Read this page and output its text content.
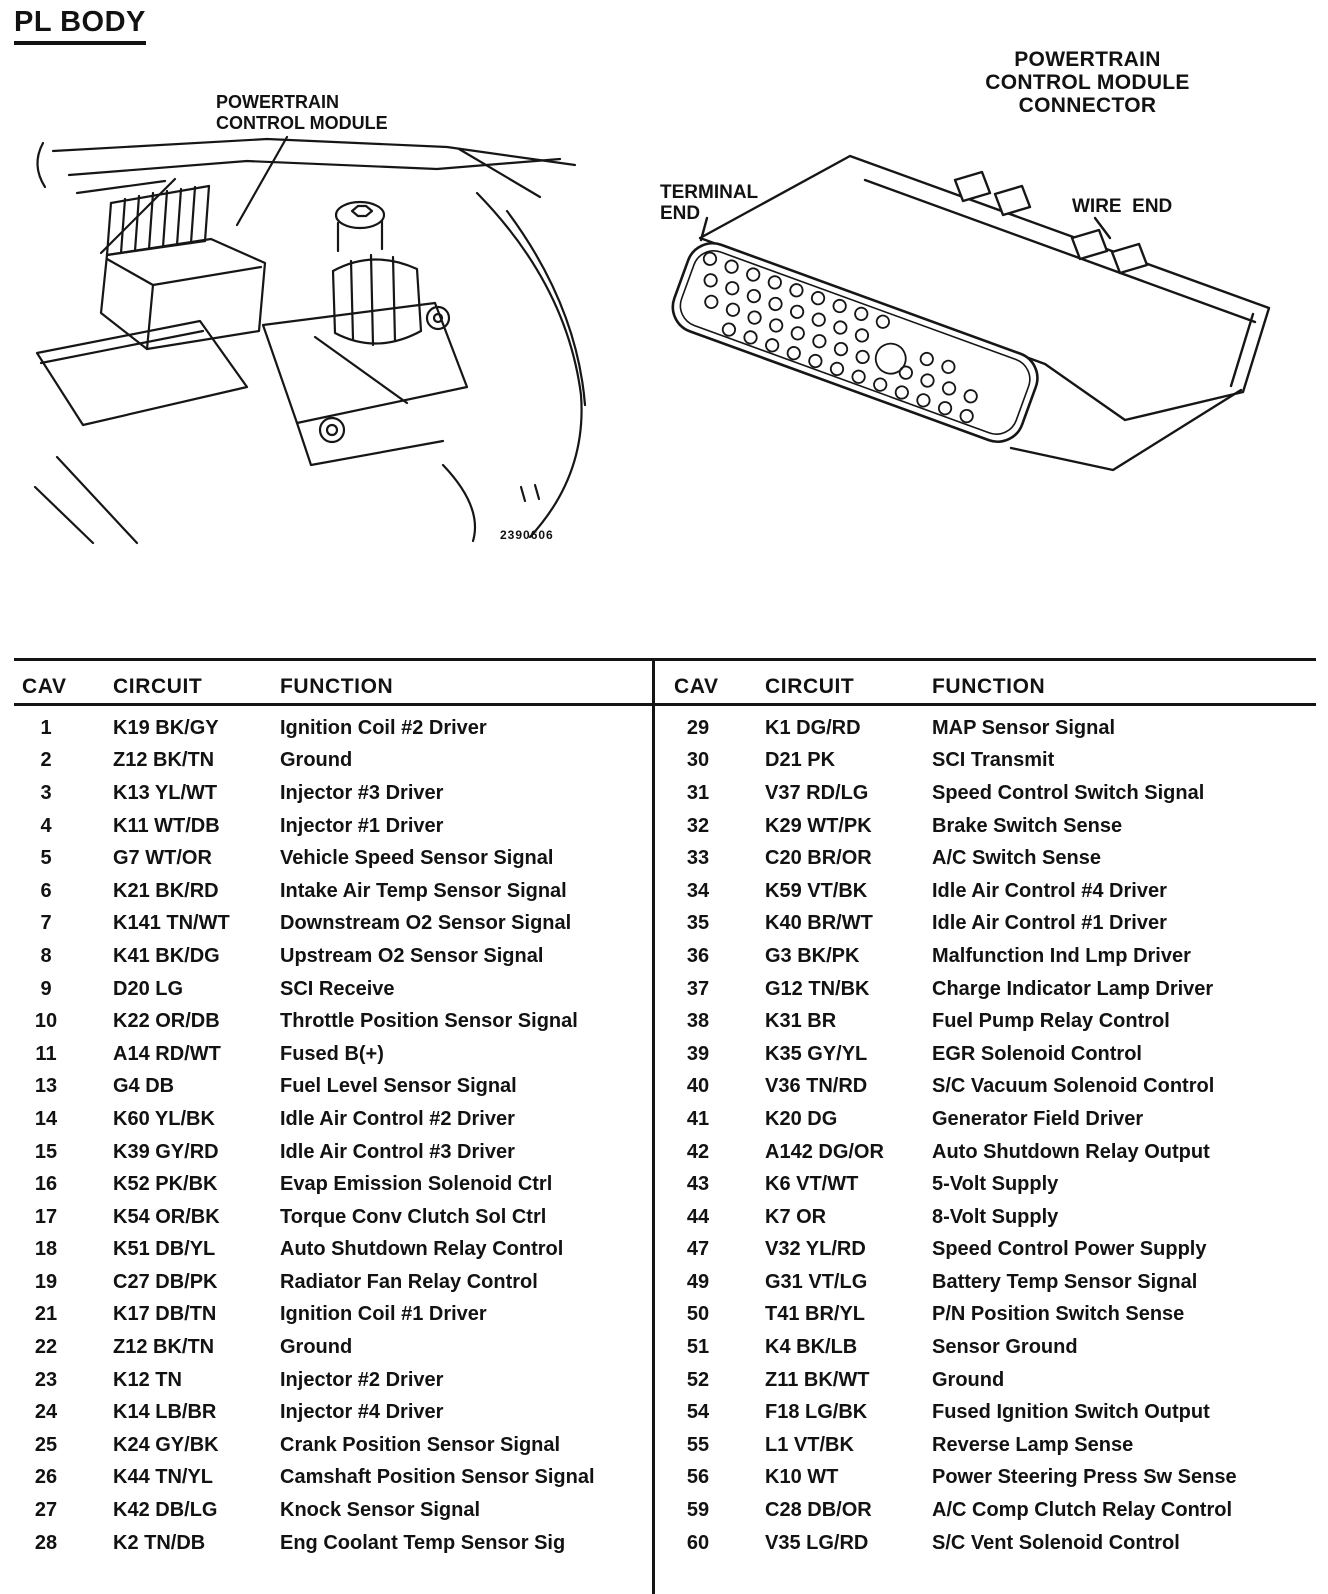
PL BODY
POWERTRAIN
CONTROL MODULE
2390606
POWERTRAIN
CONTROL MODULE
CONNECTOR
TERMINAL
END	WIRE  END
CAV	CIRCUIT	FUNCTION
1	K19 BK/GY	Ignition Coil #2 Driver
2	Z12 BK/TN	Ground
3	K13 YL/WT	Injector #3 Driver
4	K11 WT/DB	Injector #1 Driver
5	G7 WT/OR	Vehicle Speed Sensor Signal
6	K21 BK/RD	Intake Air Temp Sensor Signal
7	K141 TN/WT	Downstream O2 Sensor Signal
8	K41 BK/DG	Upstream O2 Sensor Signal
9	D20 LG	SCI Receive
10	K22 OR/DB	Throttle Position Sensor Signal
11	A14 RD/WT	Fused B(+)
13	G4 DB	Fuel Level Sensor Signal
14	K60 YL/BK	Idle Air Control #2 Driver
15	K39 GY/RD	Idle Air Control #3 Driver
16	K52 PK/BK	Evap Emission Solenoid Ctrl
17	K54 OR/BK	Torque Conv Clutch Sol Ctrl
18	K51 DB/YL	Auto Shutdown Relay Control
19	C27 DB/PK	Radiator Fan Relay Control
21	K17 DB/TN	Ignition Coil #1 Driver
22	Z12 BK/TN	Ground
23	K12 TN	Injector #2 Driver
24	K14 LB/BR	Injector #4 Driver
25	K24 GY/BK	Crank Position Sensor Signal
26	K44 TN/YL	Camshaft Position Sensor Signal
27	K42 DB/LG	Knock Sensor Signal
28	K2 TN/DB	Eng Coolant Temp Sensor Sig
CAV	CIRCUIT	FUNCTION
29	K1 DG/RD	MAP Sensor Signal
30	D21 PK	SCI Transmit
31	V37 RD/LG	Speed Control Switch Signal
32	K29 WT/PK	Brake Switch Sense
33	C20 BR/OR	A/C Switch Sense
34	K59 VT/BK	Idle Air Control #4 Driver
35	K40 BR/WT	Idle Air Control #1 Driver
36	G3 BK/PK	Malfunction Ind Lmp Driver
37	G12 TN/BK	Charge Indicator Lamp Driver
38	K31 BR	Fuel Pump Relay Control
39	K35 GY/YL	EGR Solenoid Control
40	V36 TN/RD	S/C Vacuum Solenoid Control
41	K20 DG	Generator Field Driver
42	A142 DG/OR	Auto Shutdown Relay Output
43	K6 VT/WT	5-Volt Supply
44	K7 OR	8-Volt Supply
47	V32 YL/RD	Speed Control Power Supply
49	G31 VT/LG	Battery Temp Sensor Signal
50	T41 BR/YL	P/N Position Switch Sense
51	K4 BK/LB	Sensor Ground
52	Z11 BK/WT	Ground
54	F18 LG/BK	Fused Ignition Switch Output
55	L1 VT/BK	Reverse Lamp Sense
56	K10 WT	Power Steering Press Sw Sense
59	C28 DB/OR	A/C Comp Clutch Relay Control
60	V35 LG/RD	S/C Vent Solenoid Control
